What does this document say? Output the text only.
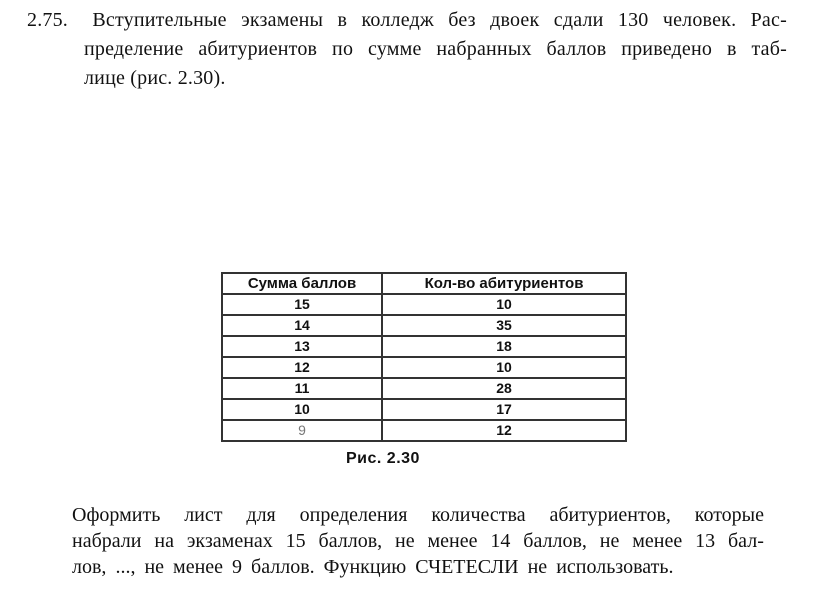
2.75. Вступительные экзамены в колледж без двоек сдали 130 человек. Рас-
пределение абитуриентов по сумме набранных баллов приведено в таб-
лице (рис. 2.30).
Сумма баллов	Кол-во абитуриентов
15	10
14	35
13	18
12	10
11	28
10	17
9	12
Рис. 2.30
Оформить лист для определения количества абитуриентов, которые
набрали на экзаменах 15 баллов, не менее 14 баллов, не менее 13 бал-
лов, ..., не менее 9 баллов. Функцию СЧЕТЕСЛИ не использовать.
